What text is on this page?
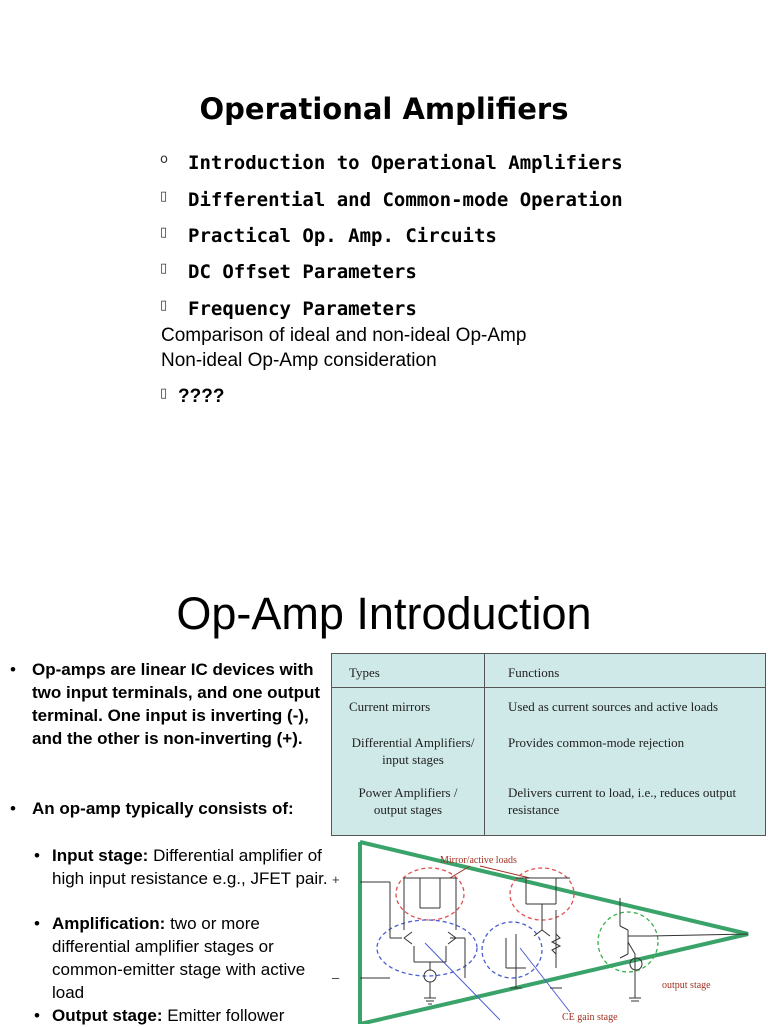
Operational Amplifiers
o Introduction to Operational Amplifiers
▯ Differential and Common-mode Operation
▯ Practical Op. Amp. Circuits
▯ DC Offset Parameters
▯ Frequency Parameters
Comparison of ideal and non-ideal Op-Amp
Non-ideal Op-Amp consideration
▯ ????
Op-Amp Introduction
• Op-amps are linear IC devices with two input terminals, and one output terminal. One input is inverting (-), and the other is non-inverting (+).
• An op-amp typically consists of:
• Input stage: Differential amplifier of high input resistance e.g., JFET pair.
• Amplification: two or more differential amplifier stages or common-emitter stage with active load
• Output stage: Emitter follower
Types	Functions
Current mirrors	Used as current sources and active loads
Differential Amplifiers/ input stages
Provides common-mode rejection
Power Amplifiers / output stages
Delivers current to load, i.e., reduces output resistance
Mirror/active loads
output stage
CE gain stage
+
–
